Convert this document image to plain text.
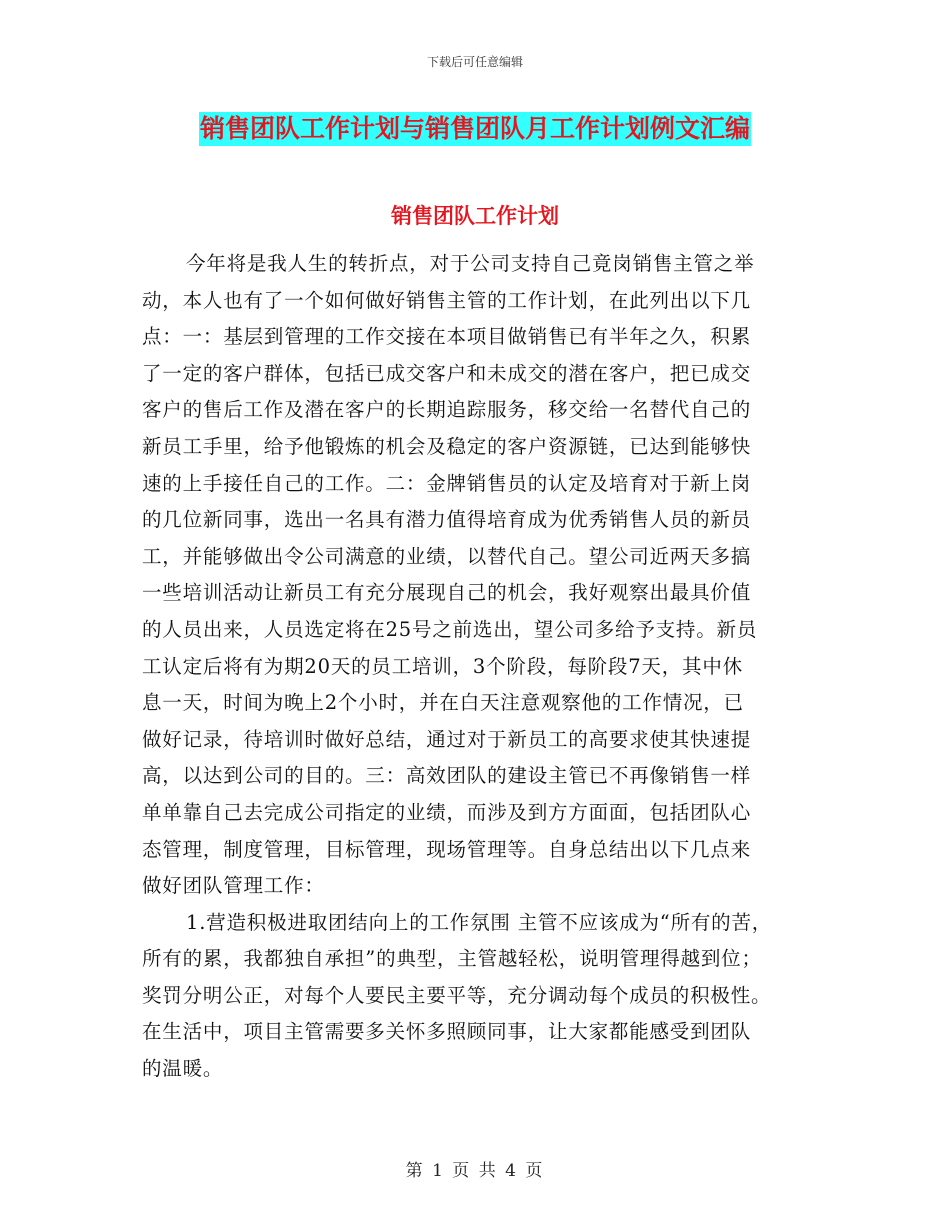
下载后可任意编辑
销售团队工作计划与销售团队月工作计划例文汇编
销售团队工作计划
今年将是我人生的转折点，对于公司支持自己竟岗销售主管之举
动，本人也有了一个如何做好销售主管的工作计划，在此列出以下几
点：一：基层到管理的工作交接在本项目做销售已有半年之久，积累
了一定的客户群体，包括已成交客户和未成交的潜在客户，把已成交
客户的售后工作及潜在客户的长期追踪服务，移交给一名替代自己的
新员工手里，给予他锻炼的机会及稳定的客户资源链，已达到能够快
速的上手接任自己的工作。二：金牌销售员的认定及培育对于新上岗
的几位新同事，选出一名具有潜力值得培育成为优秀销售人员的新员
工，并能够做出令公司满意的业绩，以替代自己。望公司近两天多搞
一些培训活动让新员工有充分展现自己的机会，我好观察出最具价值
的人员出来，人员选定将在25号之前选出，望公司多给予支持。新员
工认定后将有为期20天的员工培训，3个阶段，每阶段7天，其中休
息一天，时间为晚上2个小时，并在白天注意观察他的工作情况，已
做好记录，待培训时做好总结，通过对于新员工的高要求使其快速提
高，以达到公司的目的。三：高效团队的建设主管已不再像销售一样
单单靠自己去完成公司指定的业绩，而涉及到方方面面，包括团队心
态管理，制度管理，目标管理，现场管理等。自身总结出以下几点来
做好团队管理工作：
1.营造积极进取团结向上的工作氛围 主管不应该成为“所有的苦，
所有的累，我都独自承担”的典型，主管越轻松，说明管理得越到位；
奖罚分明公正，对每个人要民主要平等，充分调动每个成员的积极性。
在生活中，项目主管需要多关怀多照顾同事，让大家都能感受到团队
的温暖。
第 1 页 共 4 页
